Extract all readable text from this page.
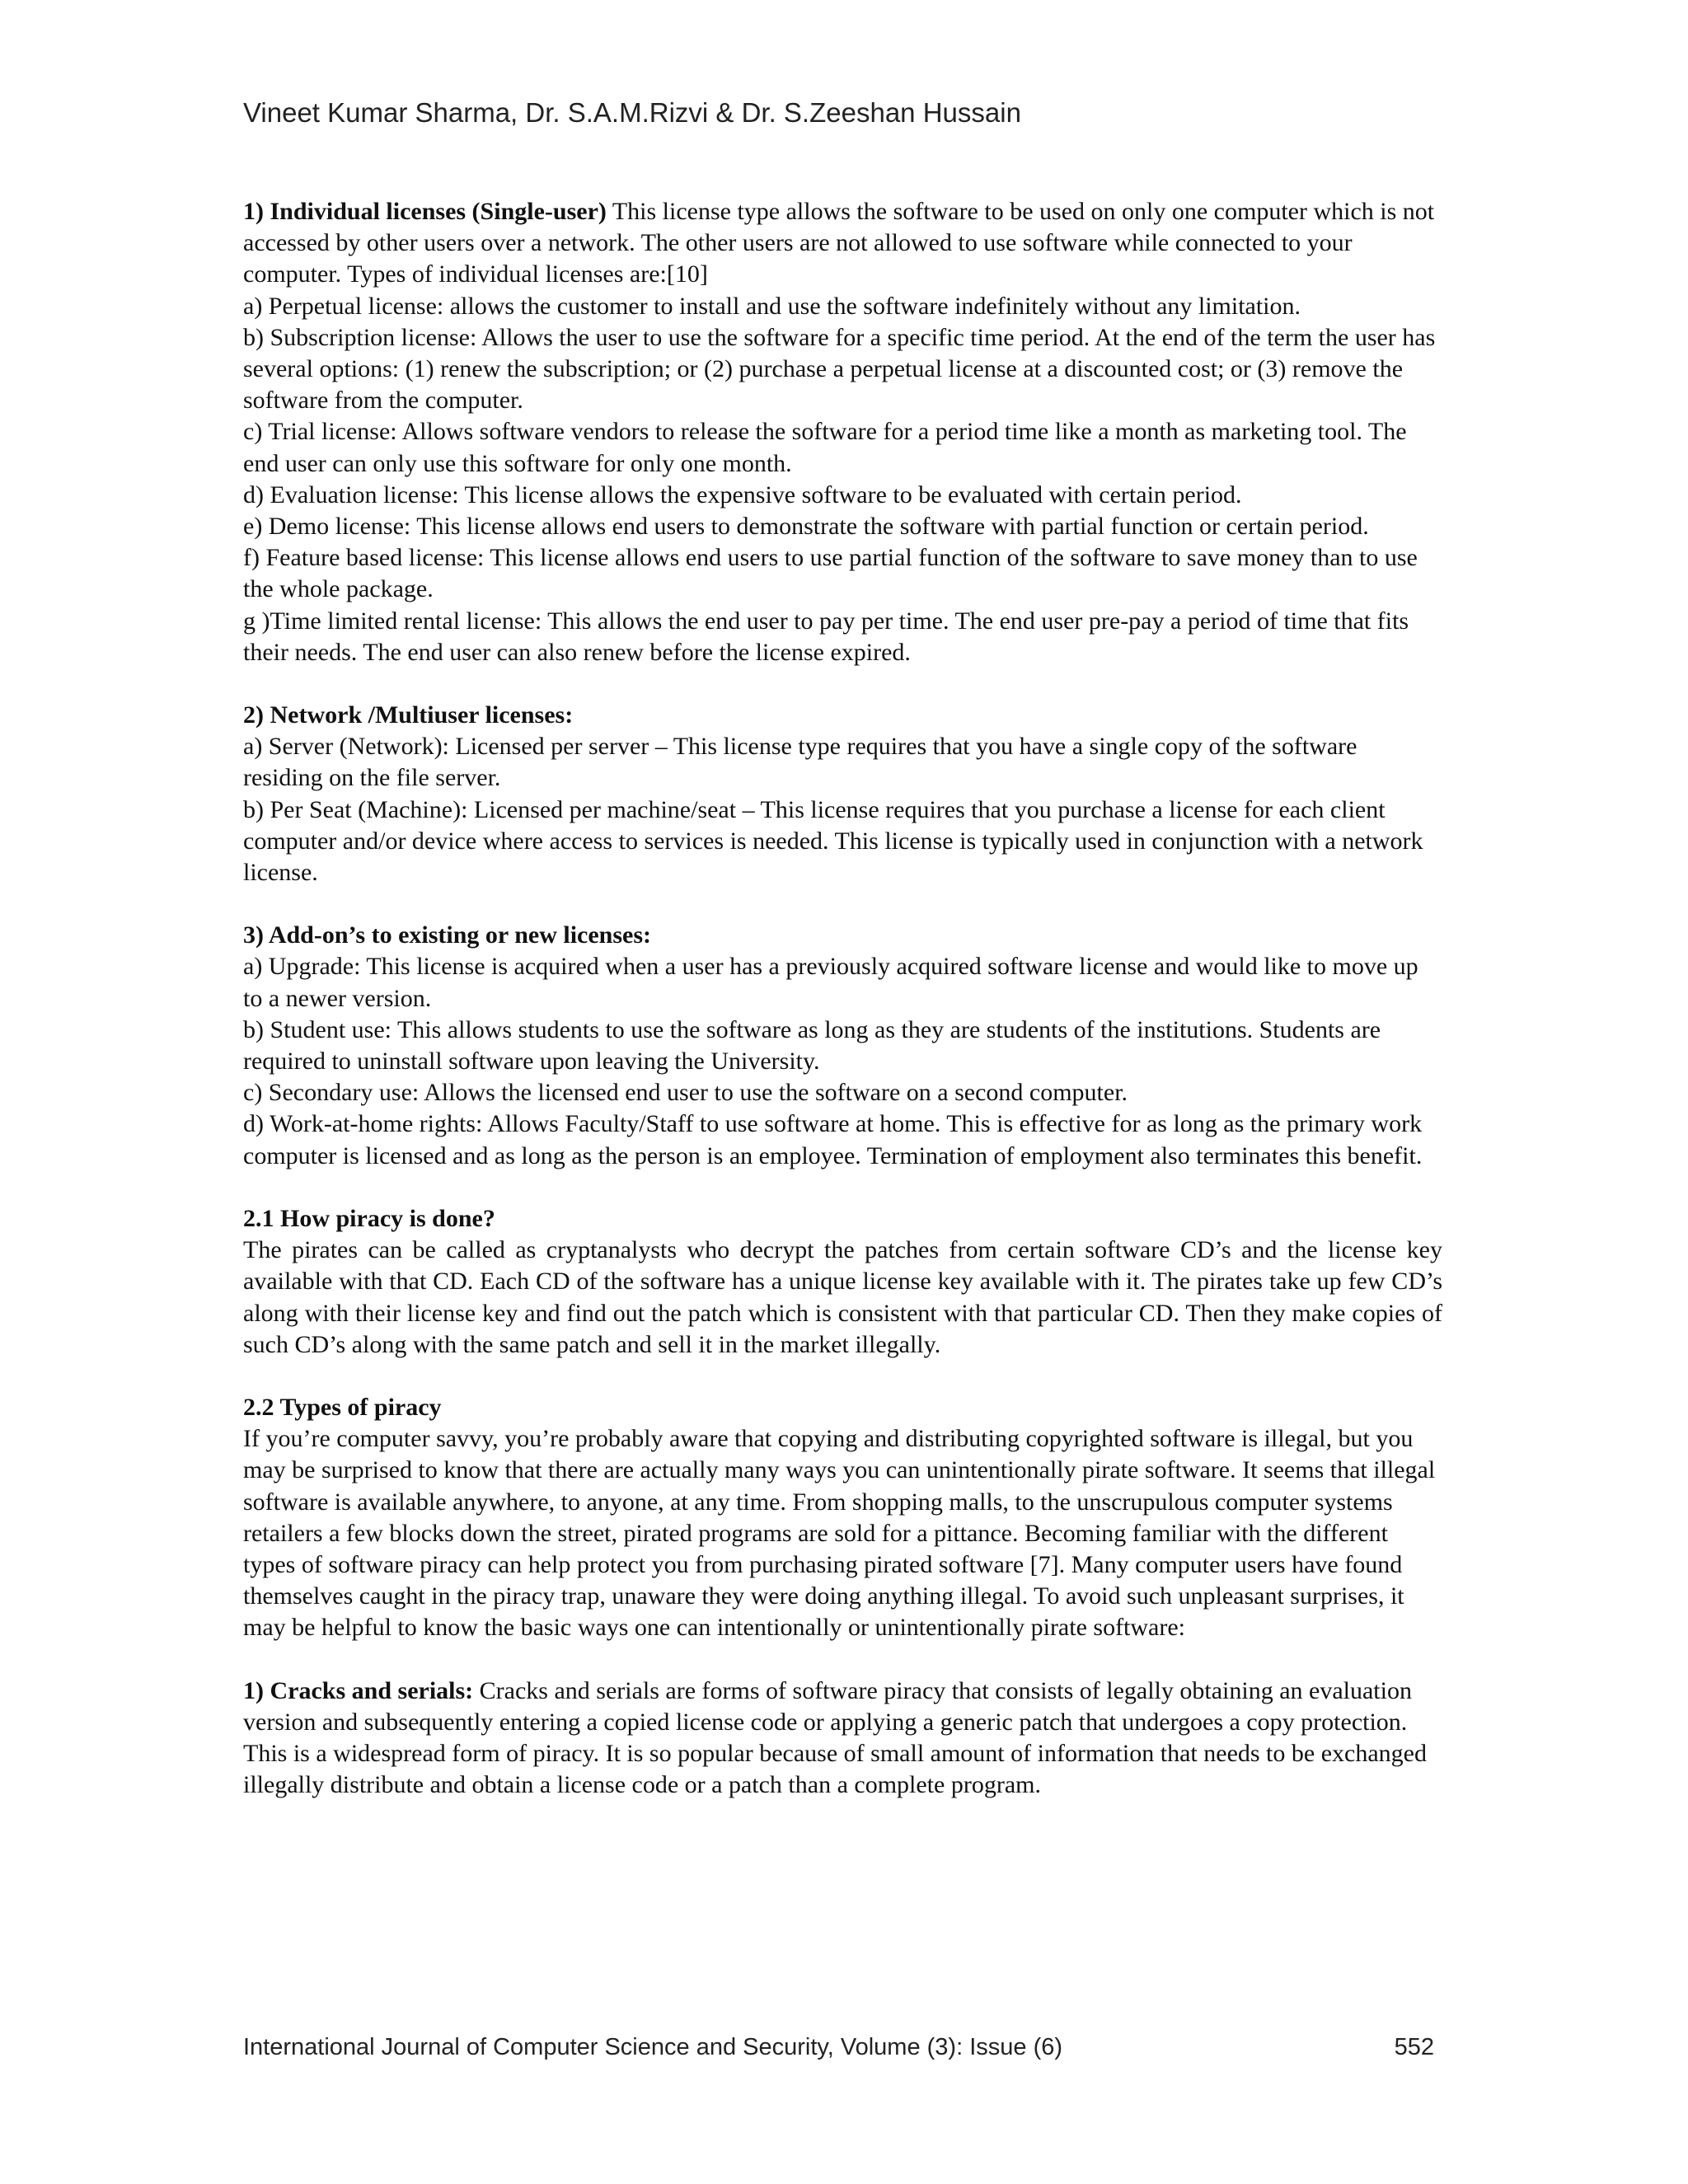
Vineet Kumar Sharma, Dr. S.A.M.Rizvi & Dr. S.Zeeshan Hussain

1) Individual licenses (Single-user) This license type allows the software to be used on only one computer which is not accessed by other users over a network. The other users are not allowed to use software while connected to your computer. Types of individual licenses are:[10]

a) Perpetual license: allows the customer to install and use the software indefinitely without any limitation.

b) Subscription license: Allows the user to use the software for a specific time period. At the end of the term the user has several options: (1) renew the subscription; or (2) purchase a perpetual license at a discounted cost; or (3) remove the software from the computer.

c) Trial license: Allows software vendors to release the software for a period time like a month as marketing tool. The end user can only use this software for only one month.

d) Evaluation license: This license allows the expensive software to be evaluated with certain period.

e) Demo license: This license allows end users to demonstrate the software with partial function or certain period.

f) Feature based license: This license allows end users to use partial function of the software to save money than to use the whole package.

g )Time limited rental license: This allows the end user to pay per time. The end user pre-pay a period of time that fits their needs. The end user can also renew before the license expired.

2) Network /Multiuser licenses:

a) Server (Network): Licensed per server – This license type requires that you have a single copy of the software residing on the file server.

b) Per Seat (Machine): Licensed per machine/seat – This license requires that you purchase a license for each client computer and/or device where access to services is needed. This license is typically used in conjunction with a network license.

3) Add-on’s to existing or new licenses:

a) Upgrade: This license is acquired when a user has a previously acquired software license and would like to move up to a newer version.

b) Student use: This allows students to use the software as long as they are students of the institutions. Students are required to uninstall software upon leaving the University.

c) Secondary use: Allows the licensed end user to use the software on a second computer.

d) Work-at-home rights: Allows Faculty/Staff to use software at home. This is effective for as long as the primary work computer is licensed and as long as the person is an employee. Termination of employment also terminates this benefit.

2.1 How piracy is done?

The pirates can be called as cryptanalysts who decrypt the patches from certain software CD’s and the license key available with that CD. Each CD of the software has a unique license key available with it. The pirates take up few CD’s along with their license key and find out the patch which is consistent with that particular CD. Then they make copies of such CD’s along with the same patch and sell it in the market illegally.

2.2 Types of piracy

If you’re computer savvy, you’re probably aware that copying and distributing copyrighted software is illegal, but you may be surprised to know that there are actually many ways you can unintentionally pirate software. It seems that illegal software is available anywhere, to anyone, at any time. From shopping malls, to the unscrupulous computer systems retailers a few blocks down the street, pirated programs are sold for a pittance. Becoming familiar with the different types of software piracy can help protect you from purchasing pirated software [7]. Many computer users have found themselves caught in the piracy trap, unaware they were doing anything illegal. To avoid such unpleasant surprises, it may be helpful to know the basic ways one can intentionally or unintentionally pirate software:

1) Cracks and serials: Cracks and serials are forms of software piracy that consists of legally obtaining an evaluation version and subsequently entering a copied license code or applying a generic patch that undergoes a copy protection. This is a widespread form of piracy. It is so popular because of small amount of information that needs to be exchanged illegally distribute and obtain a license code or a patch than a complete program.

International Journal of Computer Science and Security, Volume (3): Issue (6)	552
